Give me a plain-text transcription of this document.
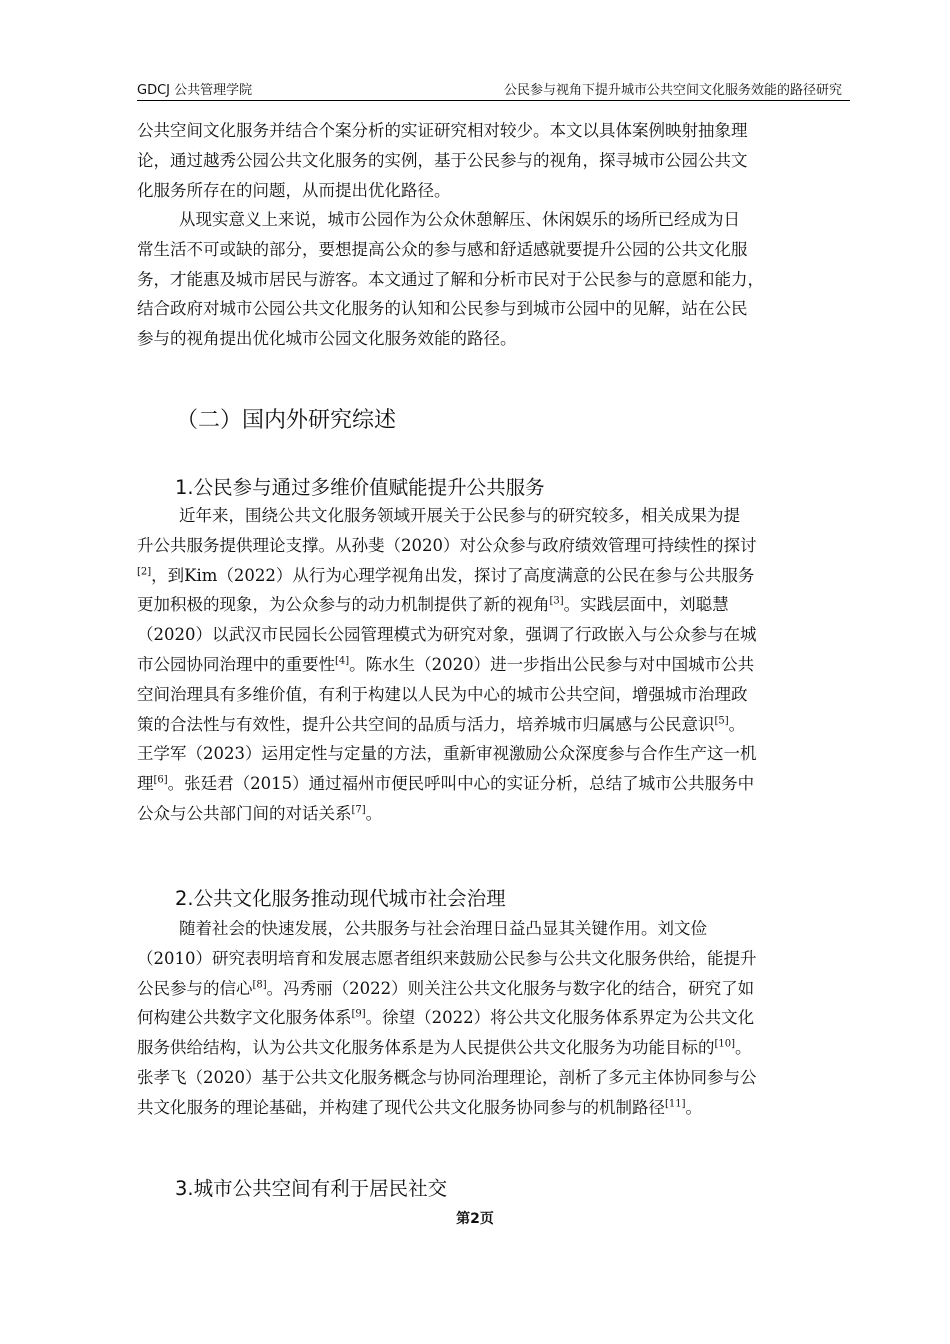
GDCJ 公共管理学院	公民参与视角下提升城市公共空间文化服务效能的路径研究
公共空间文化服务并结合个案分析的实证研究相对较少。本文以具体案例映射抽象理
论，通过越秀公园公共文化服务的实例，基于公民参与的视角，探寻城市公园公共文
化服务所存在的问题，从而提出优化路径。
从现实意义上来说，城市公园作为公众休憩解压、休闲娱乐的场所已经成为日
常生活不可或缺的部分，要想提高公众的参与感和舒适感就要提升公园的公共文化服
务，才能惠及城市居民与游客。本文通过了解和分析市民对于公民参与的意愿和能力，
结合政府对城市公园公共文化服务的认知和公民参与到城市公园中的见解，站在公民
参与的视角提出优化城市公园文化服务效能的路径。
（二）国内外研究综述
1.公民参与通过多维价值赋能提升公共服务
近年来，围绕公共文化服务领域开展关于公民参与的研究较多，相关成果为提
升公共服务提供理论支撑。从孙斐（2020）对公众参与政府绩效管理可持续性的探讨
[2]，到Kim（2022）从行为心理学视角出发，探讨了高度满意的公民在参与公共服务
更加积极的现象，为公众参与的动力机制提供了新的视角[3]。实践层面中，刘聪慧
（2020）以武汉市民园长公园管理模式为研究对象，强调了行政嵌入与公众参与在城
市公园协同治理中的重要性[4]。陈水生（2020）进一步指出公民参与对中国城市公共
空间治理具有多维价值，有利于构建以人民为中心的城市公共空间，增强城市治理政
策的合法性与有效性，提升公共空间的品质与活力，培养城市归属感与公民意识[5]。
王学军（2023）运用定性与定量的方法，重新审视激励公众深度参与合作生产这一机
理[6]。张廷君（2015）通过福州市便民呼叫中心的实证分析，总结了城市公共服务中
公众与公共部门间的对话关系[7]。
2.公共文化服务推动现代城市社会治理
随着社会的快速发展，公共服务与社会治理日益凸显其关键作用。刘文俭
（2010）研究表明培育和发展志愿者组织来鼓励公民参与公共文化服务供给，能提升
公民参与的信心[8]。冯秀丽（2022）则关注公共文化服务与数字化的结合，研究了如
何构建公共数字文化服务体系[9]。徐望（2022）将公共文化服务体系界定为公共文化
服务供给结构，认为公共文化服务体系是为人民提供公共文化服务为功能目标的[10]。
张孝飞（2020）基于公共文化服务概念与协同治理理论，剖析了多元主体协同参与公
共文化服务的理论基础，并构建了现代公共文化服务协同参与的机制路径[11]。
3.城市公共空间有利于居民社交
第2页
